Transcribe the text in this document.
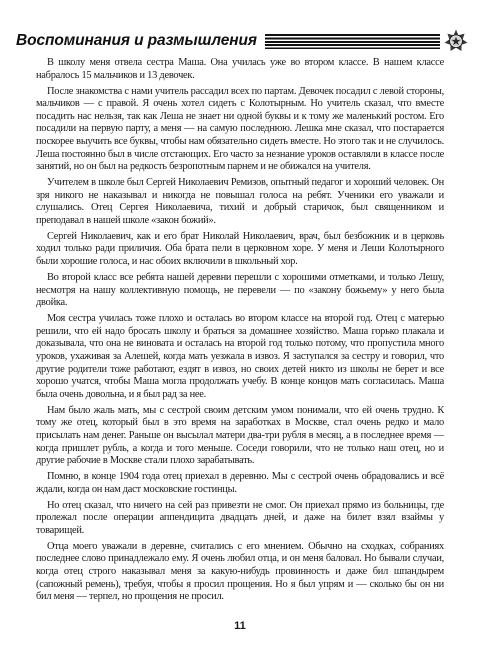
Воспоминания и размышления

В школу меня отвела сестра Маша. Она училась уже во втором классе. В нашем классе набралось 15 мальчиков и 13 девочек.

После знакомства с нами учитель рассадил всех по партам. Девочек посадил с левой стороны, мальчиков — с правой. Я очень хотел сидеть с Колотырным. Но учитель сказал, что вместе посадить нас нельзя, так как Леша не знает ни одной буквы и к тому же маленький ростом. Его посадили на первую парту, а меня — на самую последнюю. Лешка мне сказал, что постарается поскорее выучить все буквы, чтобы нам обязательно сидеть вместе. Но этого так и не случилось. Леша постоянно был в числе отстающих. Его часто за незнание уроков оставляли в классе после занятий, но он был на редкость безропотным парнем и не обижался на учителя.

Учителем в школе был Сергей Николаевич Ремизов, опытный педагог и хороший человек. Он зря никого не наказывал и никогда не повышал голоса на ребят. Ученики его уважали и слушались. Отец Сергея Николаевича, тихий и добрый старичок, был священником и преподавал в нашей школе «закон божий».

Сергей Николаевич, как и его брат Николай Николаевич, врач, был безбожник и в церковь ходил только ради приличия. Оба брата пели в церковном хоре. У меня и Леши Колотырного были хорошие голоса, и нас обоих включили в школьный хор.

Во второй класс все ребята нашей деревни перешли с хорошими отметками, и только Лешу, несмотря на нашу коллективную помощь, не перевели — по «закону божьему» у него была двойка.

Моя сестра училась тоже плохо и осталась во втором классе на второй год. Отец с матерью решили, что ей надо бросать школу и браться за домашнее хозяйство. Маша горько плакала и доказывала, что она не виновата и осталась на второй год только потому, что пропустила много уроков, ухаживая за Алешей, когда мать уезжала в извоз. Я заступался за сестру и говорил, что другие родители тоже работают, ездят в извоз, но своих детей никто из школы не берет и все хорошо учатся, чтобы Маша могла продолжать учебу. В конце концов мать согласилась. Маша была очень довольна, и я был рад за нее.

Нам было жаль мать, мы с сестрой своим детским умом понимали, что ей очень трудно. К тому же отец, который был в это время на заработках в Москве, стал очень редко и мало присылать нам денег. Раньше он высылал матери два-три рубля в месяц, а в последнее время — когда пришлет рубль, а когда и того меньше. Соседи говорили, что не только наш отец, но и другие рабочие в Москве стали плохо зарабатывать.

Помню, в конце 1904 года отец приехал в деревню. Мы с сестрой очень обрадовались и всё ждали, когда он нам даст московские гостинцы.

Но отец сказал, что ничего на сей раз привезти не смог. Он приехал прямо из больницы, где пролежал после операции аппендицита двадцать дней, и даже на билет взял взаймы у товарищей.

Отца моего уважали в деревне, считались с его мнением. Обычно на сходках, собраниях последнее слово принадлежало ему. Я очень любил отца, и он меня баловал. Но бывали случаи, когда отец строго наказывал меня за какую-нибудь провинность и даже бил шпандырем (сапожный ремень), требуя, чтобы я просил прощения. Но я был упрям и — сколько бы он ни бил меня — терпел, но прощения не просил.

11
